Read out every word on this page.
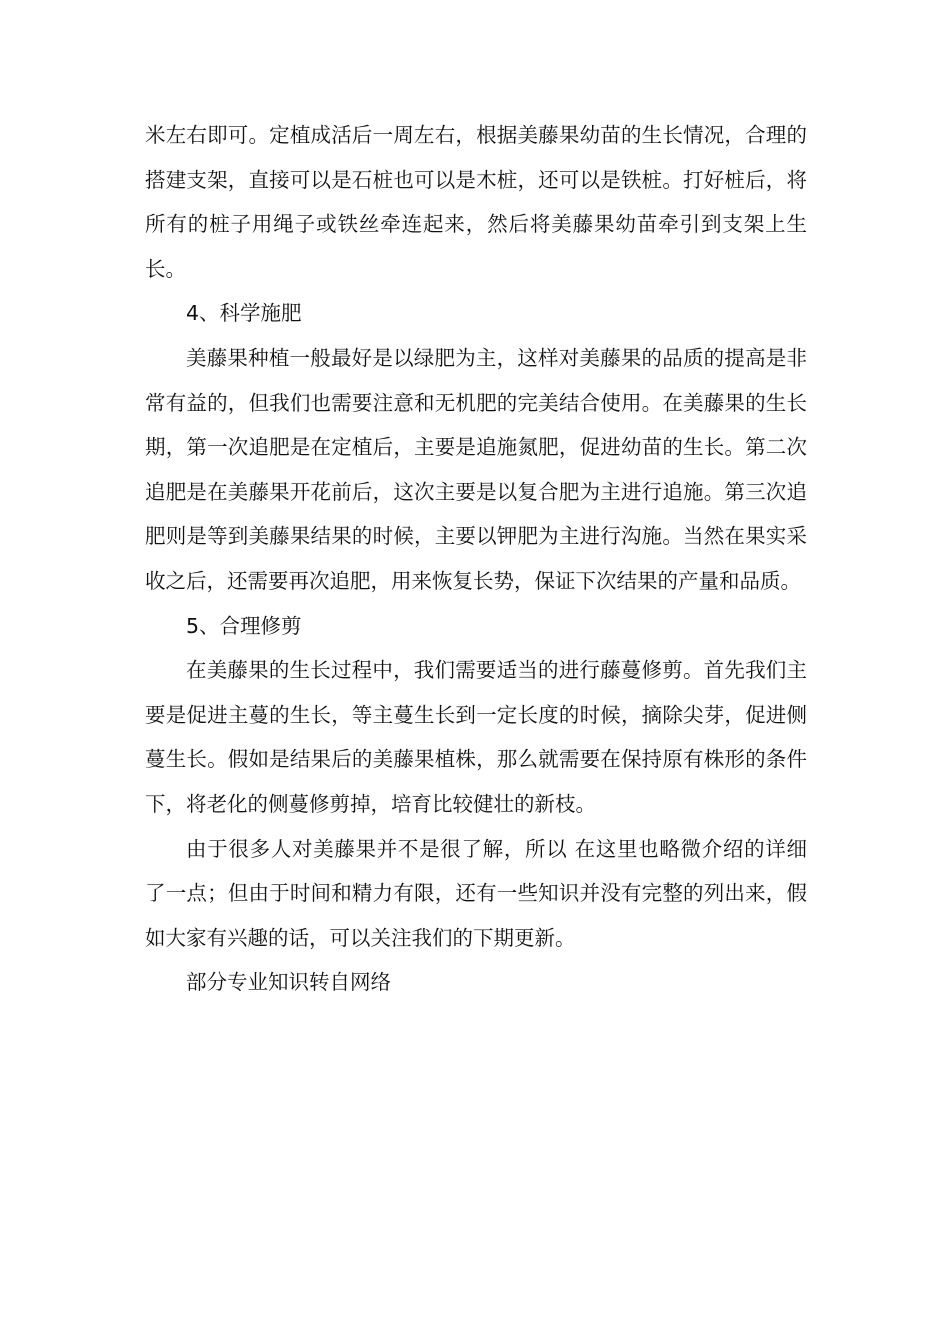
米左右即可。定植成活后一周左右，根据美藤果幼苗的生长情况，合理的搭建支架，直接可以是石桩也可以是木桩，还可以是铁桩。打好桩后，将所有的桩子用绳子或铁丝牵连起来，然后将美藤果幼苗牵引到支架上生长。

4、科学施肥

美藤果种植一般最好是以绿肥为主，这样对美藤果的品质的提高是非常有益的，但我们也需要注意和无机肥的完美结合使用。在美藤果的生长期，第一次追肥是在定植后，主要是追施氮肥，促进幼苗的生长。第二次追肥是在美藤果开花前后，这次主要是以复合肥为主进行追施。第三次追肥则是等到美藤果结果的时候，主要以钾肥为主进行沟施。当然在果实采收之后，还需要再次追肥，用来恢复长势，保证下次结果的产量和品质。

5、合理修剪

在美藤果的生长过程中，我们需要适当的进行藤蔓修剪。首先我们主要是促进主蔓的生长，等主蔓生长到一定长度的时候，摘除尖芽，促进侧蔓生长。假如是结果后的美藤果植株，那么就需要在保持原有株形的条件下，将老化的侧蔓修剪掉，培育比较健壮的新枝。

由于很多人对美藤果并不是很了解，所以 在这里也略微介绍的详细了一点；但由于时间和精力有限，还有一些知识并没有完整的列出来，假如大家有兴趣的话，可以关注我们的下期更新。

部分专业知识转自网络
